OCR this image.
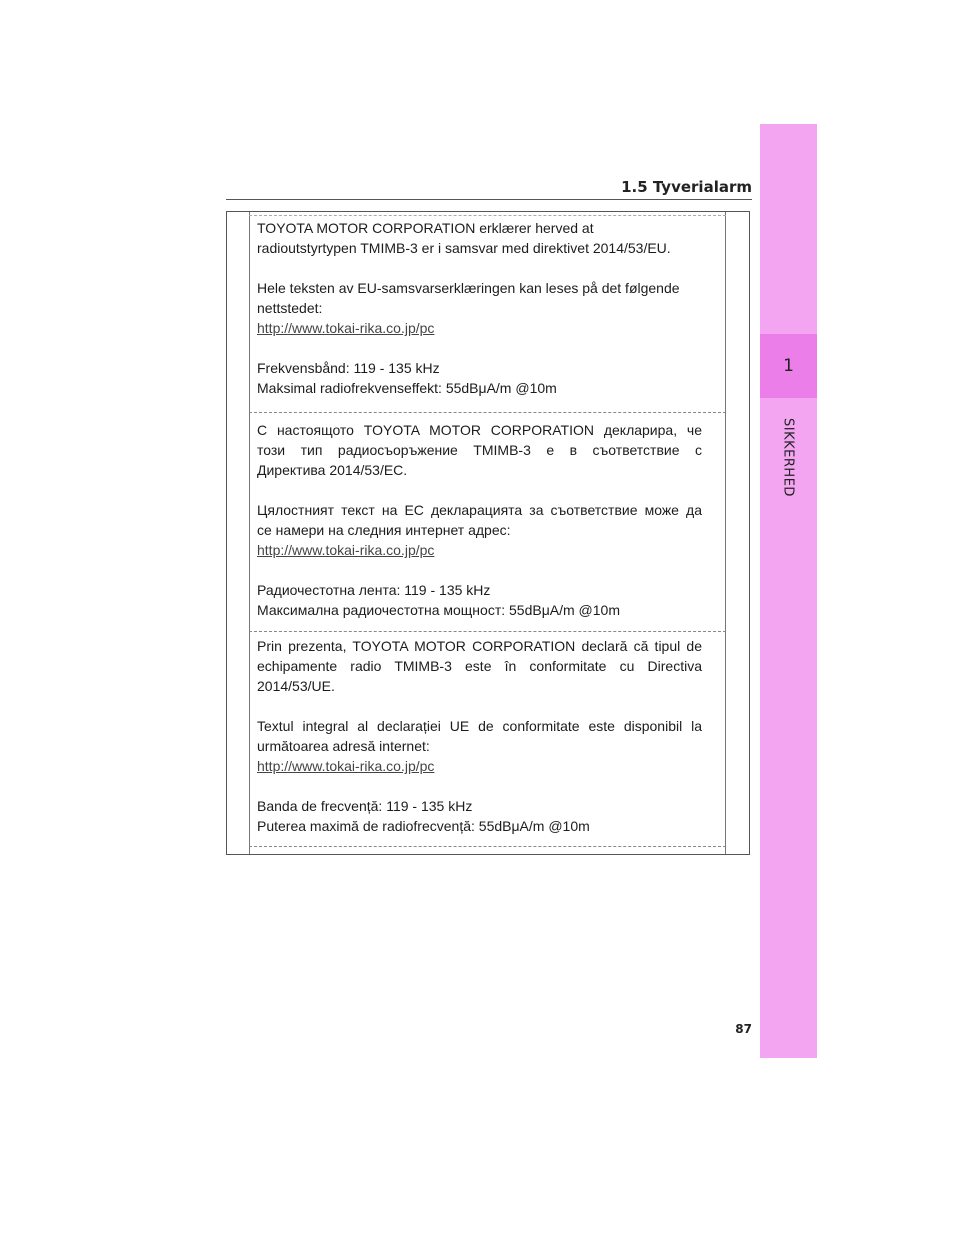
1
SIKKERHED
1.5 Tyverialarm

TOYOTA MOTOR CORPORATION erklærer herved at

radioutstyrtypen TMIMB-3 er i samsvar med direktivet 2014/53/EU.

Hele teksten av EU-samsvarserklæringen kan leses på det følgende

nettstedet:

http://www.tokai-rika.co.jp/pc

Frekvensbånd: 119 - 135 kHz

Maksimal radiofrekvenseffekt: 55dBμA/m @10m

С настоящото TOYOTA MOTOR CORPORATION декларира, че

този тип радиосъоръжение TMIMB-3 е в съответствие с

Директива 2014/53/ЕС.

Цялостният текст на ЕС декларацията за съответствие може да

се намери на следния интернет адрес:

http://www.tokai-rika.co.jp/pc

Радиочестотна лента: 119 - 135 kHz

Максимална радиочестотна мощност: 55dBμA/m @10m

Prin prezenta, TOYOTA MOTOR CORPORATION declară că tipul de

echipamente radio TMIMB-3 este în conformitate cu Directiva

2014/53/UE.

Textul integral al declarației UE de conformitate este disponibil la

următoarea adresă internet:

http://www.tokai-rika.co.jp/pc

Banda de frecvență: 119 - 135 kHz

Puterea maximă de radiofrecvență: 55dBμA/m @10m

87
